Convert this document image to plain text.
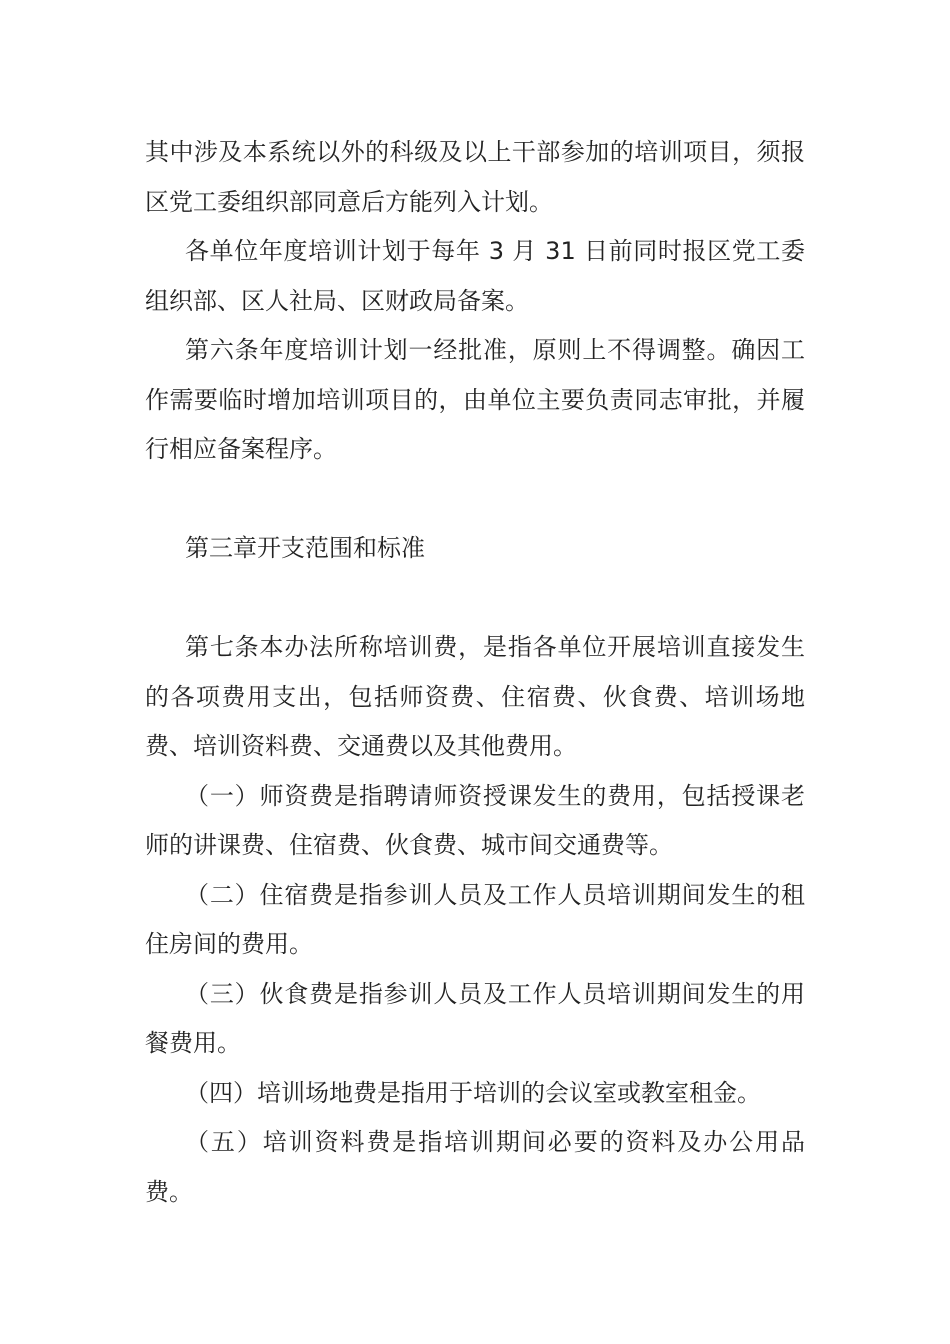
其中涉及本系统以外的科级及以上干部参加的培训项目，须报区党工委组织部同意后方能列入计划。

各单位年度培训计划于每年 3 月 31 日前同时报区党工委组织部、区人社局、区财政局备案。

第六条年度培训计划一经批准，原则上不得调整。确因工作需要临时增加培训项目的，由单位主要负责同志审批，并履行相应备案程序。

第三章开支范围和标准

第七条本办法所称培训费，是指各单位开展培训直接发生的各项费用支出，包括师资费、住宿费、伙食费、培训场地费、培训资料费、交通费以及其他费用。

（一）师资费是指聘请师资授课发生的费用，包括授课老师的讲课费、住宿费、伙食费、城市间交通费等。

（二）住宿费是指参训人员及工作人员培训期间发生的租住房间的费用。

（三）伙食费是指参训人员及工作人员培训期间发生的用餐费用。

（四）培训场地费是指用于培训的会议室或教室租金。

（五）培训资料费是指培训期间必要的资料及办公用品费。
